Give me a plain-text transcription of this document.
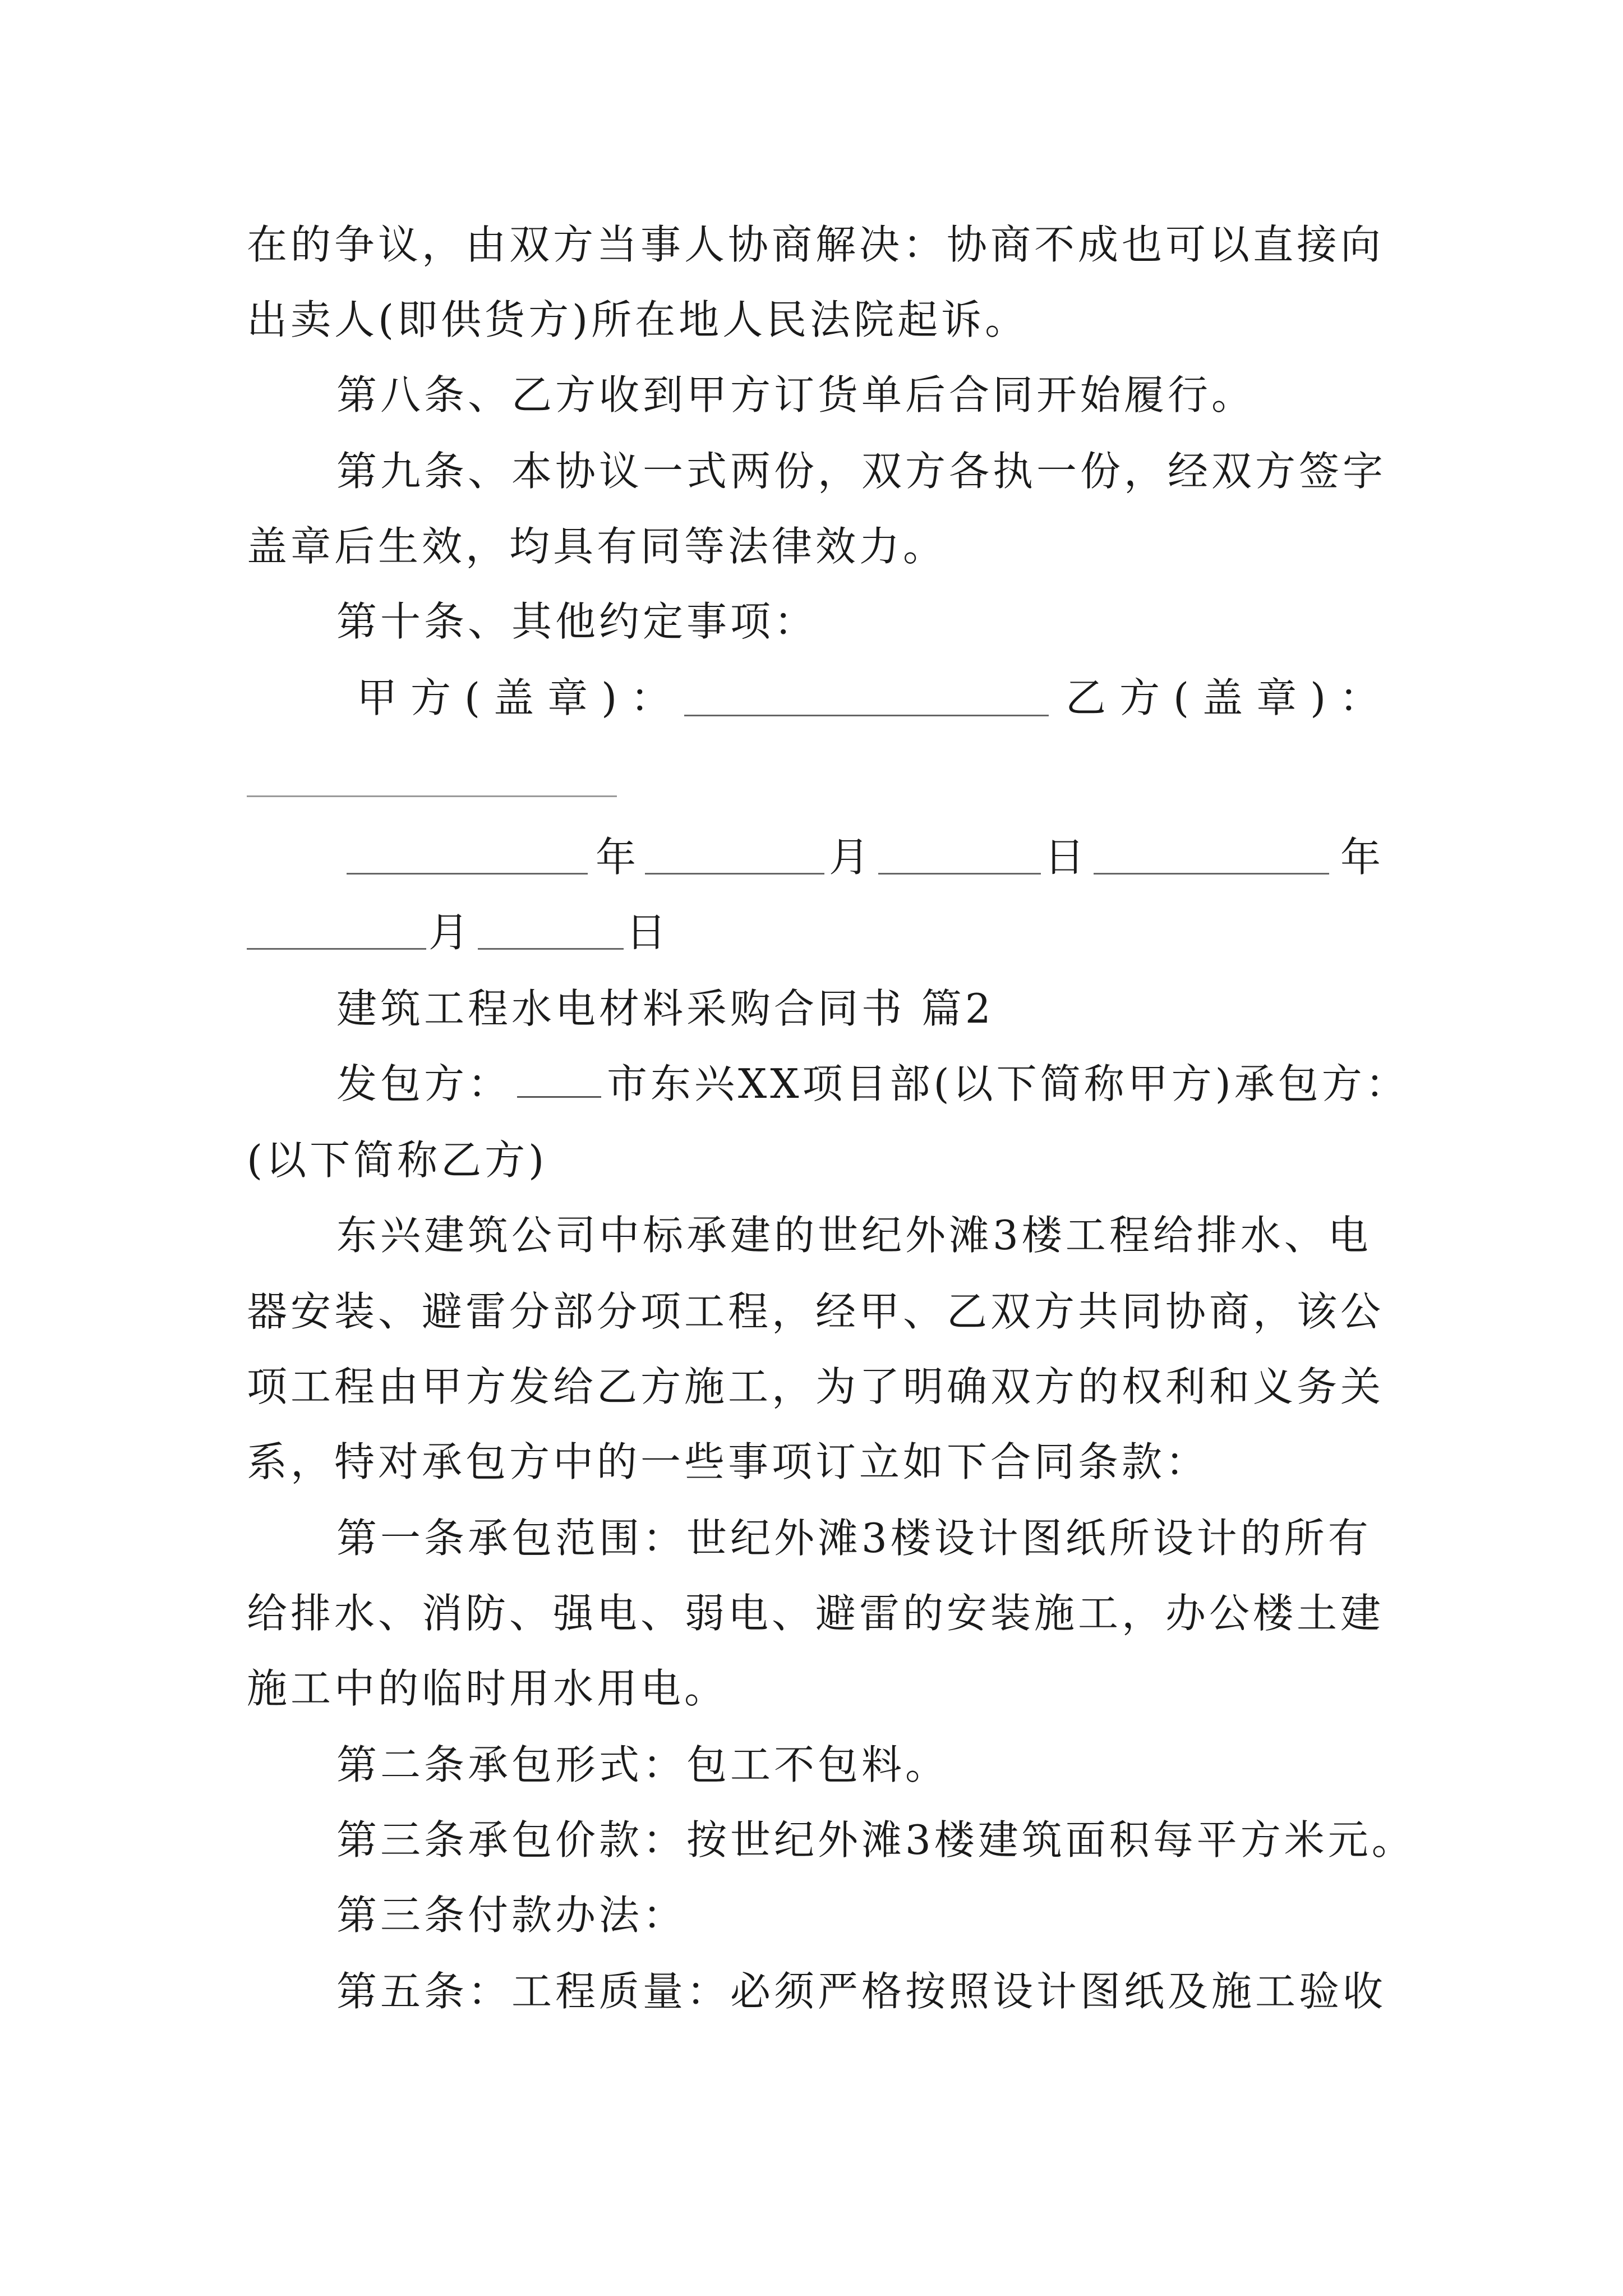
在的争议，由双方当事人协商解决：协商不成也可以直接向
出卖人(即供货方)所在地人民法院起诉。
第八条、乙方收到甲方订货单后合同开始履行。
第九条、本协议一式两份，双方各执一份，经双方签字
盖章后生效，均具有同等法律效力。
第十条、其他约定事项：
甲方(盖章)：	乙方(盖章)：
年	月	日	年
月	日
建筑工程水电材料采购合同书 篇2
发包方： 市东兴XX项目部(以下简称甲方)承包方：
(以下简称乙方)
东兴建筑公司中标承建的世纪外滩3楼工程给排水、电
器安装、避雷分部分项工程，经甲、乙双方共同协商，该公
项工程由甲方发给乙方施工，为了明确双方的权利和义务关
系，特对承包方中的一些事项订立如下合同条款：
第一条承包范围：世纪外滩3楼设计图纸所设计的所有
给排水、消防、强电、弱电、避雷的安装施工，办公楼土建
施工中的临时用水用电。
第二条承包形式：包工不包料。
第三条承包价款：按世纪外滩3楼建筑面积每平方米元。
第三条付款办法：
第五条：工程质量：必须严格按照设计图纸及施工验收
